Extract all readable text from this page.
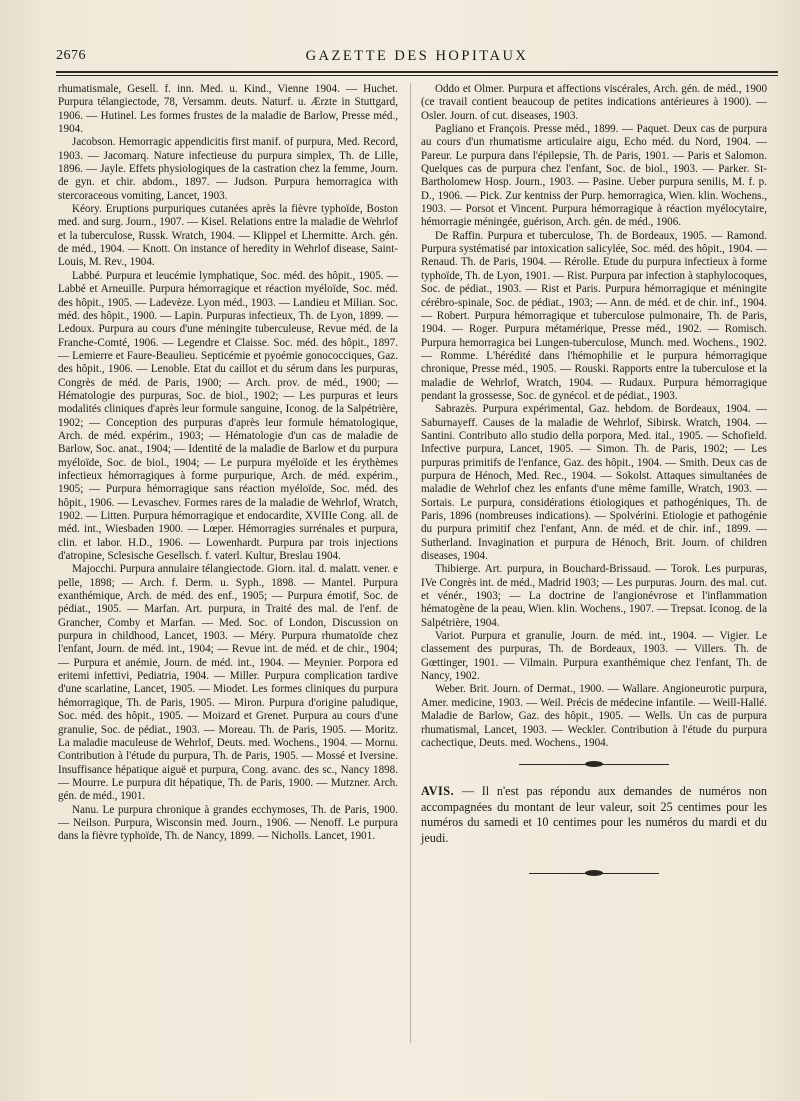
2676	GAZETTE DES HOPITAUX

rhumatismale, Gesell. f. inn. Med. u. Kind., Vienne 1904. — Huchet. Purpura télangiectode, 78, Versamm. deuts. Naturf. u. Ærzte in Stuttgard, 1906. — Hutinel. Les formes frustes de la maladie de Barlow, Presse méd., 1904.

Jacobson. Hemorragic appendicitis first manif. of purpura, Med. Record, 1903. — Jacomarq. Nature infectieuse du purpura simplex, Th. de Lille, 1896. — Jayle. Effets physiologiques de la castration chez la femme, Journ. de gyn. et chir. abdom., 1897. — Judson. Purpura hemorragica with stercoraceous vomiting, Lancet, 1903.

Kéory. Eruptions purpuriques cutanées après la fièvre typhoïde, Boston med. and surg. Journ., 1907. — Kisel. Relations entre la maladie de Wehrlof et la tuberculose, Russk. Wratch, 1904. — Klippel et Lhermitte. Arch. gén. de méd., 1904. — Knott. On instance of heredity in Wehrlof disease, Saint-Louis, M. Rev., 1904.

Labbé. Purpura et leucémie lymphatique, Soc. méd. des hôpit., 1905. — Labbé et Arneuille. Purpura hémorragique et réaction myéloïde, Soc. méd. des hôpit., 1905. — Ladevèze. Lyon méd., 1903. — Landieu et Milian. Soc. méd. des hôpit., 1900. — Lapin. Purpuras infectieux, Th. de Lyon, 1899. — Ledoux. Purpura au cours d'une méningite tuberculeuse, Revue méd. de la Franche-Comté, 1906. — Legendre et Claisse. Soc. méd. des hôpit., 1897. — Lemierre et Faure-Beaulieu. Septicémie et pyoémie gonococciques, Gaz. des hôpit., 1906. — Lenoble. Etat du caillot et du sérum dans les purpuras, Congrès de méd. de Paris, 1900; — Arch. prov. de méd., 1900; — Hématologie des purpuras, Soc. de biol., 1902; — Les purpuras et leurs modalités cliniques d'après leur formule sanguine, Iconog. de la Salpétrière, 1902; — Conception des purpuras d'après leur formule hématologique, Arch. de méd. expérim., 1903; — Hématologie d'un cas de maladie de Barlow, Soc. anat., 1904; — Identité de la maladie de Barlow et du purpura myéloïde, Soc. de biol., 1904; — Le purpura myéloïde et les érythèmes infectieux hémorragiques à forme purpurique, Arch. de méd. expérim., 1905; — Purpura hémorragique sans réaction myéloïde, Soc. méd. des hôpit., 1906. — Levaschev. Formes rares de la maladie de Wehrlof, Wratch, 1902. — Litten. Purpura hémorragique et endocardite, XVIIIe Cong. all. de méd. int., Wiesbaden 1900. — Lœper. Hémorragies surrénales et purpura, clin. et labor. H.D., 1906. — Lowenhardt. Purpura par trois injections d'atropine, Sclesische Gesellsch. f. vaterl. Kultur, Breslau 1904.

Majocchi. Purpura annulaire télangiectode. Giorn. ital. d. malatt. vener. e pelle, 1898; — Arch. f. Derm. u. Syph., 1898. — Mantel. Purpura exanthémique, Arch. de méd. des enf., 1905; — Purpura émotif, Soc. de pédiat., 1905. — Marfan. Art. purpura, in Traité des mal. de l'enf. de Grancher, Comby et Marfan. — Med. Soc. of London, Discussion on purpura in childhood, Lancet, 1903. — Méry. Purpura rhumatoïde chez l'enfant, Journ. de méd. int., 1904; — Revue int. de méd. et de chir., 1904; — Purpura et anémie, Journ. de méd. int., 1904. — Meynier. Porpora ed eritemi infettivi, Pediatria, 1904. — Miller. Purpura complication tardive d'une scarlatine, Lancet, 1905. — Miodet. Les formes cliniques du purpura hémorragique, Th. de Paris, 1905. — Miron. Purpura d'origine paludique, Soc. méd. des hôpit., 1905. — Moizard et Grenet. Purpura au cours d'une granulie, Soc. de pédiat., 1903. — Moreau. Th. de Paris, 1905. — Moritz. La maladie maculeuse de Wehrlof, Deuts. med. Wochens., 1904. — Mornu. Contribution à l'étude du purpura, Th. de Paris, 1905. — Mossé et Iversine. Insuffisance hépatique aiguë et purpura, Cong. avanc. des sc., Nancy 1898. — Mourre. Le purpura dit hépatique, Th. de Paris, 1900. — Mutzner. Arch. gén. de méd., 1901.

Nanu. Le purpura chronique à grandes ecchymoses, Th. de Paris, 1900. — Neilson. Purpura, Wisconsin med. Journ., 1906. — Nenoff. Le purpura dans la fièvre typhoïde, Th. de Nancy, 1899. — Nicholls. Lancet, 1901.

Oddo et Olmer. Purpura et affections viscérales, Arch. gén. de méd., 1900 (ce travail contient beaucoup de petites indications antérieures à 1900). — Osler. Journ. of cut. diseases, 1903.

Pagliano et François. Presse méd., 1899. — Paquet. Deux cas de purpura au cours d'un rhumatisme articulaire aigu, Echo méd. du Nord, 1904. — Pareur. Le purpura dans l'épilepsie, Th. de Paris, 1901. — Paris et Salomon. Quelques cas de purpura chez l'enfant, Soc. de biol., 1903. — Parker. St-Bartholomew Hosp. Journ., 1903. — Pasine. Ueber purpura senilis, M. f. p. D., 1906. — Pick. Zur kentniss der Purp. hemorragica, Wien. klin. Wochens., 1903. — Porsot et Vincent. Purpura hémorragique à réaction myélocytaire, hémorragie méningée, guérison, Arch. gén. de méd., 1906.

De Raffin. Purpura et tuberculose, Th. de Bordeaux, 1905. — Ramond. Purpura systématisé par intoxication salicylée, Soc. méd. des hôpit., 1904. — Renaud. Th. de Paris, 1904. — Rérolle. Etude du purpura infectieux à forme typhoïde, Th. de Lyon, 1901. — Rist. Purpura par infection à staphylocoques, Soc. de pédiat., 1903. — Rist et Paris. Purpura hémorragique et méningite cérébro-spinale, Soc. de pédiat., 1903; — Ann. de méd. et de chir. inf., 1904. — Robert. Purpura hémorragique et tuberculose pulmonaire, Th. de Paris, 1904. — Roger. Purpura métamérique, Presse méd., 1902. — Romisch. Purpura hemorragica bei Lungen-tuberculose, Munch. med. Wochens., 1902. — Romme. L'hérédité dans l'hémophilie et le purpura hémorragique chronique, Presse méd., 1905. — Rouski. Rapports entre la tuberculose et la maladie de Wehrlof, Wratch, 1904. — Rudaux. Purpura hémorragique pendant la grossesse, Soc. de gynécol. et de pédiat., 1903.

Sabrazès. Purpura expérimental, Gaz. hebdom. de Bordeaux, 1904. — Saburnayeff. Causes de la maladie de Wehrlof, Sibirsk. Wratch, 1904. — Santini. Contributo allo studio della porpora, Med. ital., 1905. — Schofield. Infective purpura, Lancet, 1905. — Simon. Th. de Paris, 1902; — Les purpuras primitifs de l'enfance, Gaz. des hôpit., 1904. — Smith. Deux cas de purpura de Hénoch, Med. Rec., 1904. — Sokolst. Attaques simultanées de maladie de Wehrlof chez les enfants d'une même famille, Wratch, 1903. — Sortais. Le purpura, considérations étiologiques et pathogéniques, Th. de Paris, 1896 (nombreuses indications). — Spolvérini. Etiologie et pathogénie du purpura primitif chez l'enfant, Ann. de méd. et de chir. inf., 1899. — Sutherland. Invagination et purpura de Hénoch, Brit. Journ. of children diseases, 1904.

Thibierge. Art. purpura, in Bouchard-Brissaud. — Torok. Les purpuras, IVe Congrès int. de méd., Madrid 1903; — Les purpuras. Journ. des mal. cut. et vénér., 1903; — La doctrine de l'angionévrose et l'inflammation hématogène de la peau, Wien. klin. Wochens., 1907. — Trepsat. Iconog. de la Salpétrière, 1904.

Variot. Purpura et granulie, Journ. de méd. int., 1904. — Vigier. Le classement des purpuras, Th. de Bordeaux, 1903. — Villers. Th. de Gœttinger, 1901. — Vilmain. Purpura exanthémique chez l'enfant, Th. de Nancy, 1902.

Weber. Brit. Journ. of Dermat., 1900. — Wallare. Angioneurotic purpura, Amer. medicine, 1903. — Weil. Précis de médecine infantile. — Weill-Hallé. Maladie de Barlow, Gaz. des hôpit., 1905. — Wells. Un cas de purpura rhumatismal, Lancet, 1903. — Weckler. Contribution à l'étude du purpura cachectique, Deuts. med. Wochens., 1904.

AVIS. — Il n'est pas répondu aux demandes de numéros non accompagnées du montant de leur valeur, soit 25 centimes pour les numéros du samedi et 10 centimes pour les numéros du mardi et du jeudi.
